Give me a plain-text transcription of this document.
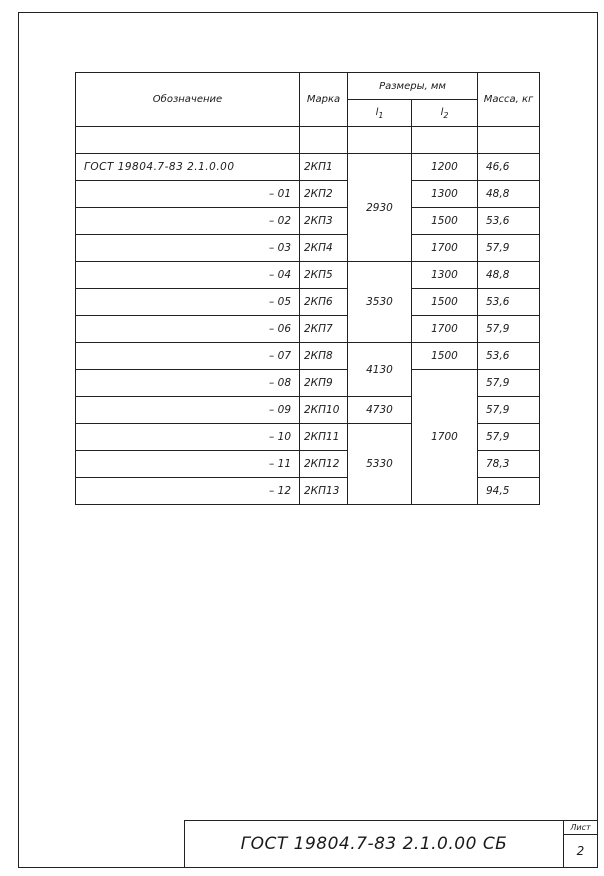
Обозначение	Марка	Размеры, мм		Масса, кг
		$l_1$	$l_2$

ГОСТ 19804.7-83 2.1.0.00	2КП1	2930	1200	46,6
– 01	2КП2		1300	48,8
– 02	2КП3		1500	53,6
– 03	2КП4		1700	57,9
– 04	2КП5	3530	1300	48,8
– 05	2КП6		1500	53,6
– 06	2КП7		1700	57,9
– 07	2КП8	4130	1500	53,6
– 08	2КП9		1700	57,9
– 09	2КП10	4730		57,9
– 10	2КП11	5330		57,9
– 11	2КП12			78,3
– 12	2КП13			94,5
ГОСТ 19804.7-83 2.1.0.00 СБ
Лист
2
